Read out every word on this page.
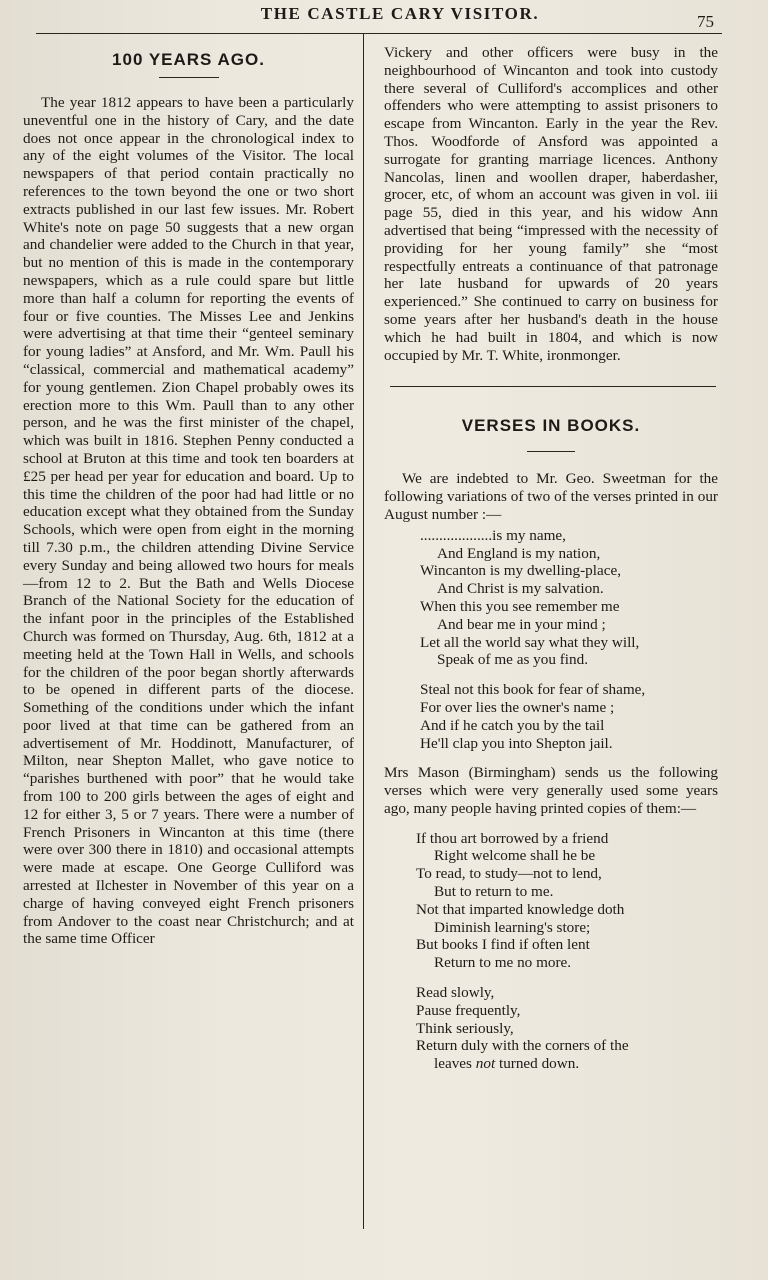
THE CASTLE CARY VISITOR.	75
100 YEARS AGO.

The year 1812 appears to have been a particularly uneventful one in the history of Cary, and the date does not once appear in the chronological index to any of the eight volumes of the Visitor. The local newspapers of that period contain practically no references to the town beyond the one or two short extracts published in our last few issues. Mr. Robert White's note on page 50 suggests that a new organ and chandelier were added to the Church in that year, but no mention of this is made in the contemporary newspapers, which as a rule could spare but little more than half a column for reporting the events of four or five counties. The Misses Lee and Jenkins were advertising at that time their “genteel seminary for young ladies” at Ansford, and Mr. Wm. Paull his “classical, commercial and mathematical academy” for young gentlemen. Zion Chapel probably owes its erection more to this Wm. Paull than to any other person, and he was the first minister of the chapel, which was built in 1816. Stephen Penny conducted a school at Bruton at this time and took ten boarders at £25 per head per year for education and board. Up to this time the children of the poor had had little or no education except what they obtained from the Sunday Schools, which were open from eight in the morning till 7.30 p.m., the children attending Divine Service every Sunday and being allowed two hours for meals—from 12 to 2. But the Bath and Wells Diocese Branch of the National Society for the education of the infant poor in the principles of the Established Church was formed on Thursday, Aug. 6th, 1812 at a meeting held at the Town Hall in Wells, and schools for the children of the poor began shortly afterwards to be opened in different parts of the diocese. Something of the conditions under which the infant poor lived at that time can be gathered from an advertisement of Mr. Hoddinott, Manufacturer, of Milton, near Shepton Mallet, who gave notice to “parishes burthened with poor” that he would take from 100 to 200 girls between the ages of eight and 12 for either 3, 5 or 7 years. There were a number of French Prisoners in Wincanton at this time (there were over 300 there in 1810) and occasional attempts were made at escape. One George Culliford was arrested at Ilchester in November of this year on a charge of having conveyed eight French prisoners from Andover to the coast near Christchurch; and at the same time Officer

Vickery and other officers were busy in the neighbourhood of Wincanton and took into custody there several of Culliford's accomplices and other offenders who were attempting to assist prisoners to escape from Wincanton. Early in the year the Rev. Thos. Woodforde of Ansford was appointed a surrogate for granting marriage licences. Anthony Nancolas, linen and woollen draper, haberdasher, grocer, etc, of whom an account was given in vol. iii page 55, died in this year, and his widow Ann advertised that being “impressed with the necessity of providing for her young family” she “most respectfully entreats a continuance of that patronage her late husband for upwards of 20 years experienced.” She continued to carry on business for some years after her husband's death in the house which he had built in 1804, and which is now occupied by Mr. T. White, ironmonger.

VERSES IN BOOKS.

We are indebted to Mr. Geo. Sweetman for the following variations of two of the verses printed in our August number :—

...................is my name,
And England is my nation,
Wincanton is my dwelling-place,
And Christ is my salvation.
When this you see remember me
And bear me in your mind ;
Let all the world say what they will,
Speak of me as you find.
Steal not this book for fear of shame,
For over lies the owner's name ;
And if he catch you by the tail
He'll clap you into Shepton jail.

Mrs Mason (Birmingham) sends us the following verses which were very generally used some years ago, many people having printed copies of them:—

If thou art borrowed by a friend
Right welcome shall he be
To read, to study—not to lend,
But to return to me.
Not that imparted knowledge doth
Diminish learning's store;
But books I find if often lent
Return to me no more.
Read slowly,
Pause frequently,
Think seriously,
Return duly with the corners of the
leaves not turned down.
